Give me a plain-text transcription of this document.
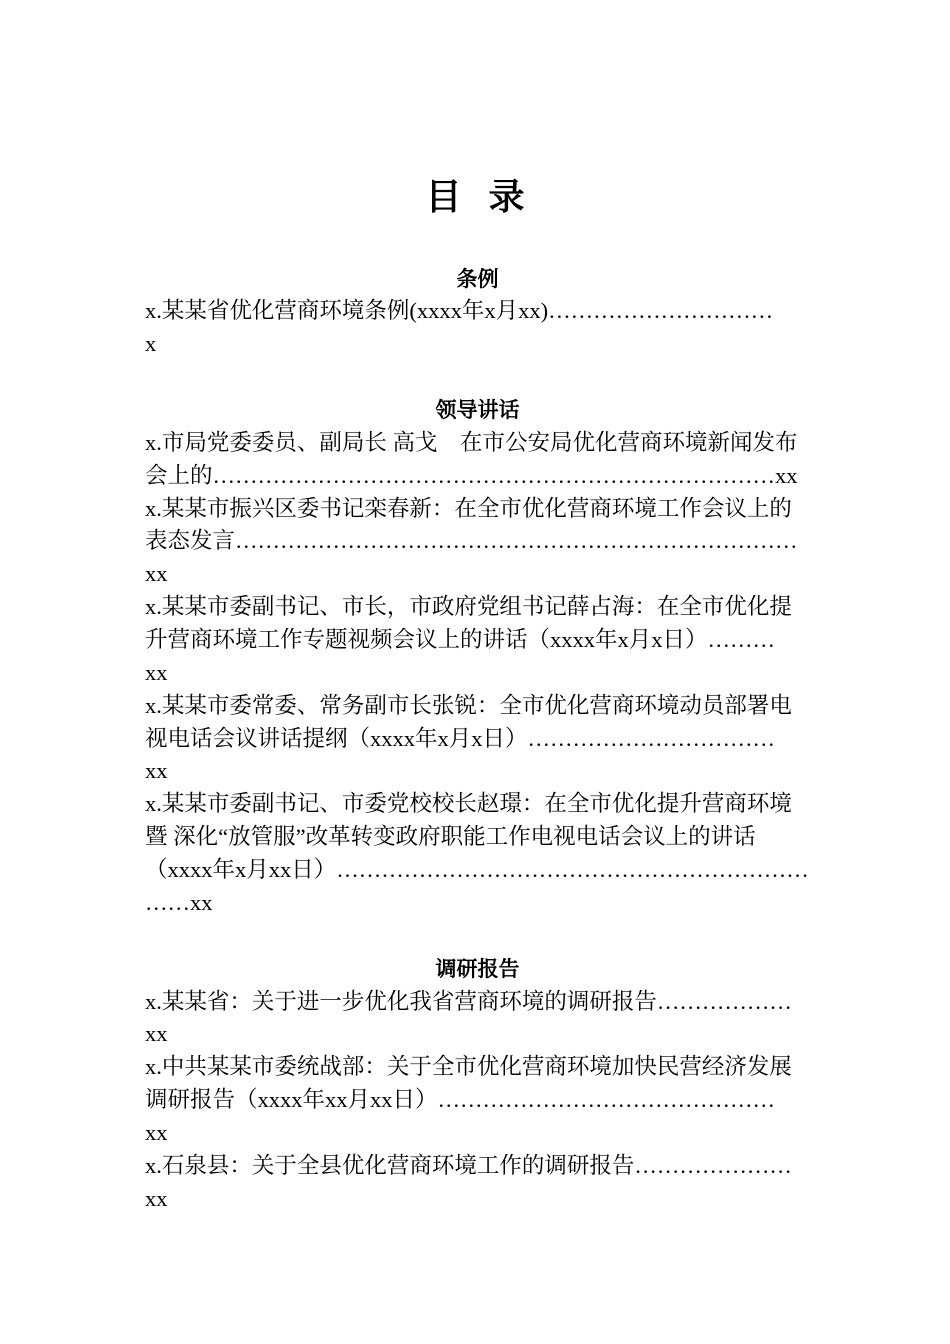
目 录
条例
x.某某省优化营商环境条例(xxxx年x月xx)…………………………
x
领导讲话
x.市局党委委员、副局长 高戈　在市公安局优化营商环境新闻发布
会上的…………………………………………………………………xx
x.某某市振兴区委书记栾春新：在全市优化营商环境工作会议上的
表态发言…………………………………………………………………
xx
x.某某市委副书记、市长，市政府党组书记薛占海：在全市优化提
升营商环境工作专题视频会议上的讲话（xxxx年x月x日）………
xx
x.某某市委常委、常务副市长张锐：全市优化营商环境动员部署电
视电话会议讲话提纲（xxxx年x月x日）……………………………
xx
x.某某市委副书记、市委党校校长赵璟：在全市优化提升营商环境
暨 深化“放管服”改革转变政府职能工作电视电话会议上的讲话
（xxxx年x月xx日）………………………………………………………
……xx
调研报告
x.某某省：关于进一步优化我省营商环境的调研报告………………
xx
x.中共某某市委统战部：关于全市优化营商环境加快民营经济发展
调研报告（xxxx年xx月xx日）………………………………………
xx
x.石泉县：关于全县优化营商环境工作的调研报告…………………
xx
